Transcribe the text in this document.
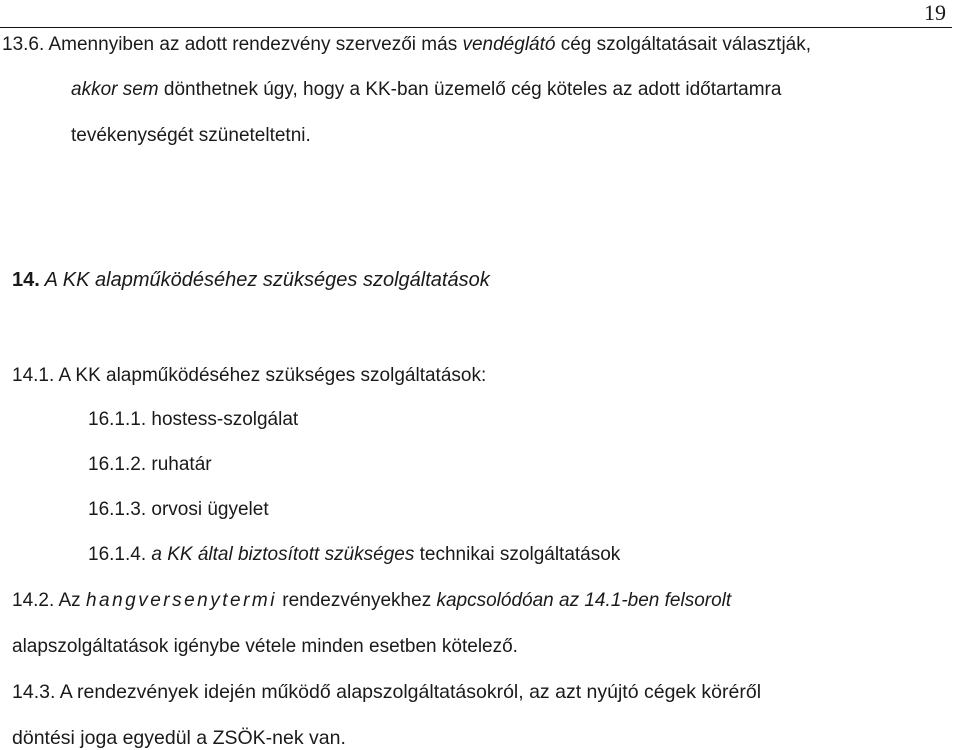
19
13.6. Amennyiben az adott rendezvény szervezői más vendéglátó cég szolgáltatásait választják,
akkor sem dönthetnek úgy, hogy a KK-ban üzemelő cég köteles az adott időtartamra
tevékenységét szüneteltetni.
14. A KK alapműködéséhez szükséges szolgáltatások
14.1. A KK alapműködéséhez szükséges szolgáltatások:
16.1.1. hostess-szolgálat
16.1.2. ruhatár
16.1.3. orvosi ügyelet
16.1.4. a KK által biztosított szükséges technikai szolgáltatások
14.2. Az hangversenytermi rendezvényekhez kapcsolódóan az 14.1-ben felsorolt
alapszolgáltatások igénybe vétele minden esetben kötelező.
14.3. A rendezvények idején működő alapszolgáltatásokról, az azt nyújtó cégek köréről
döntési joga egyedül a ZSÖK-nek van.
